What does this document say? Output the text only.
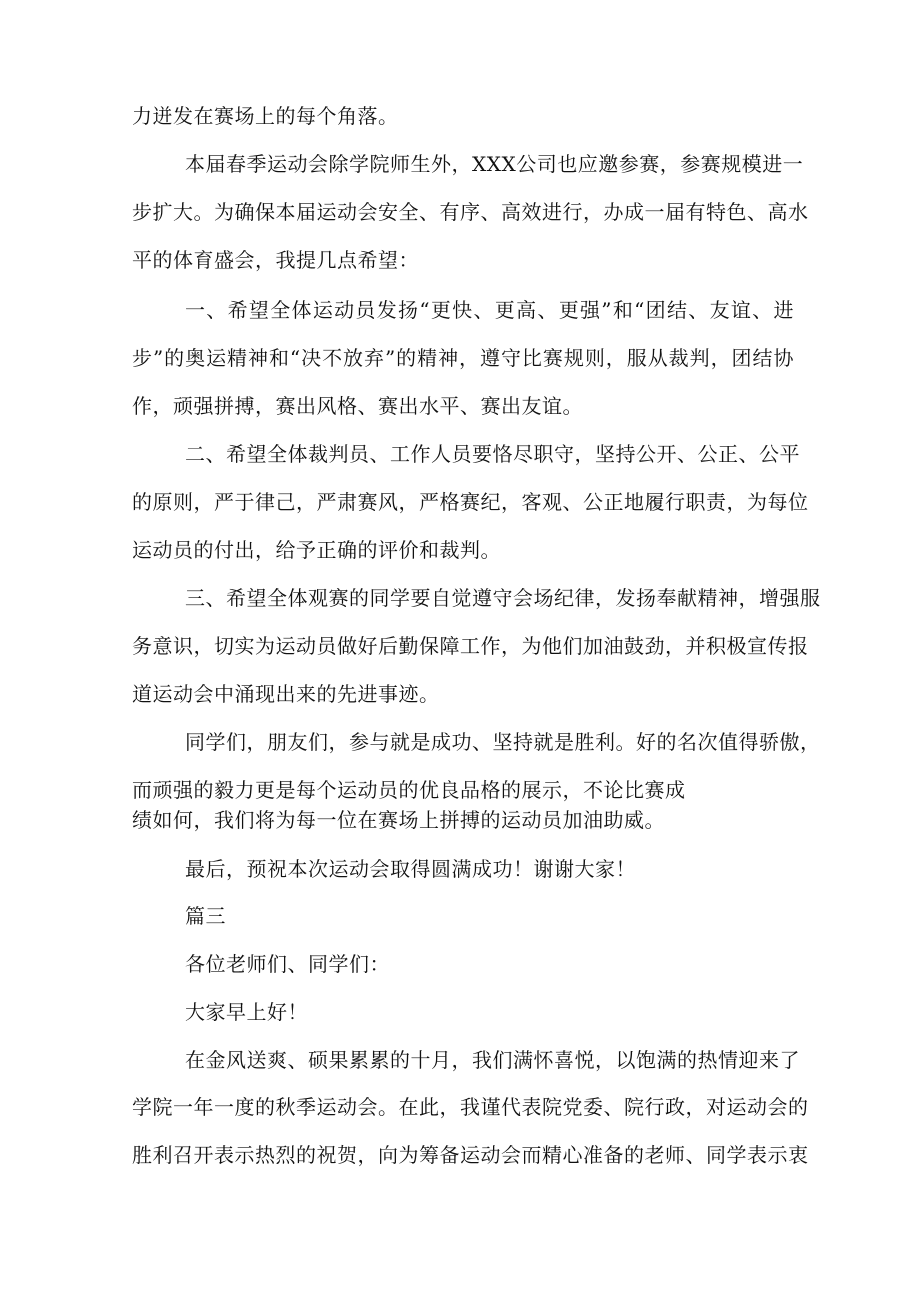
力迸发在赛场上的每个角落。
本届春季运动会除学院师生外，XXX公司也应邀参赛，参赛规模进一
步扩大。为确保本届运动会安全、有序、高效进行，办成一届有特色、高水
平的体育盛会，我提几点希望：
一、希望全体运动员发扬“更快、更高、更强”和“团结、友谊、进
步”的奥运精神和“决不放弃”的精神，遵守比赛规则，服从裁判，团结协
作，顽强拼搏，赛出风格、赛出水平、赛出友谊。
二、希望全体裁判员、工作人员要恪尽职守，坚持公开、公正、公平
的原则，严于律己，严肃赛风，严格赛纪，客观、公正地履行职责，为每位
运动员的付出，给予正确的评价和裁判。
三、希望全体观赛的同学要自觉遵守会场纪律，发扬奉献精神，增强服
务意识，切实为运动员做好后勤保障工作，为他们加油鼓劲，并积极宣传报
道运动会中涌现出来的先进事迹。
同学们，朋友们，参与就是成功、坚持就是胜利。好的名次值得骄傲，
而顽强的毅力更是每个运动员的优良品格的展示，不论比赛成
绩如何，我们将为每一位在赛场上拼搏的运动员加油助威。
最后，预祝本次运动会取得圆满成功！谢谢大家！
篇三
各位老师们、同学们：
大家早上好！
在金风送爽、硕果累累的十月，我们满怀喜悦，以饱满的热情迎来了
学院一年一度的秋季运动会。在此，我谨代表院党委、院行政，对运动会的
胜利召开表示热烈的祝贺，向为筹备运动会而精心准备的老师、同学表示衷
